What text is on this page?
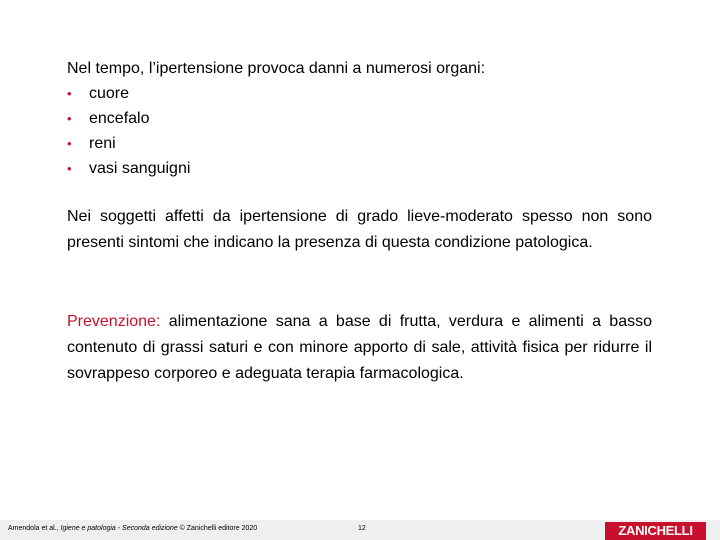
Nel tempo, l’ipertensione provoca danni a numerosi organi:

•	cuore
•	encefalo
•	reni
•	vasi sanguigni

Nei soggetti affetti da ipertensione di grado lieve-moderato spesso non sono presenti sintomi che indicano la presenza di questa condizione patologica.

Prevenzione: alimentazione sana a base di frutta, verdura e alimenti a basso contenuto di grassi saturi e con minore apporto di sale, attività fisica per ridurre il sovrappeso corporeo e adeguata terapia farmacologica.

Amendola et al., Igiene e patologia - Seconda edizione © Zanichelli editore 2020	12	ZANICHELLI
